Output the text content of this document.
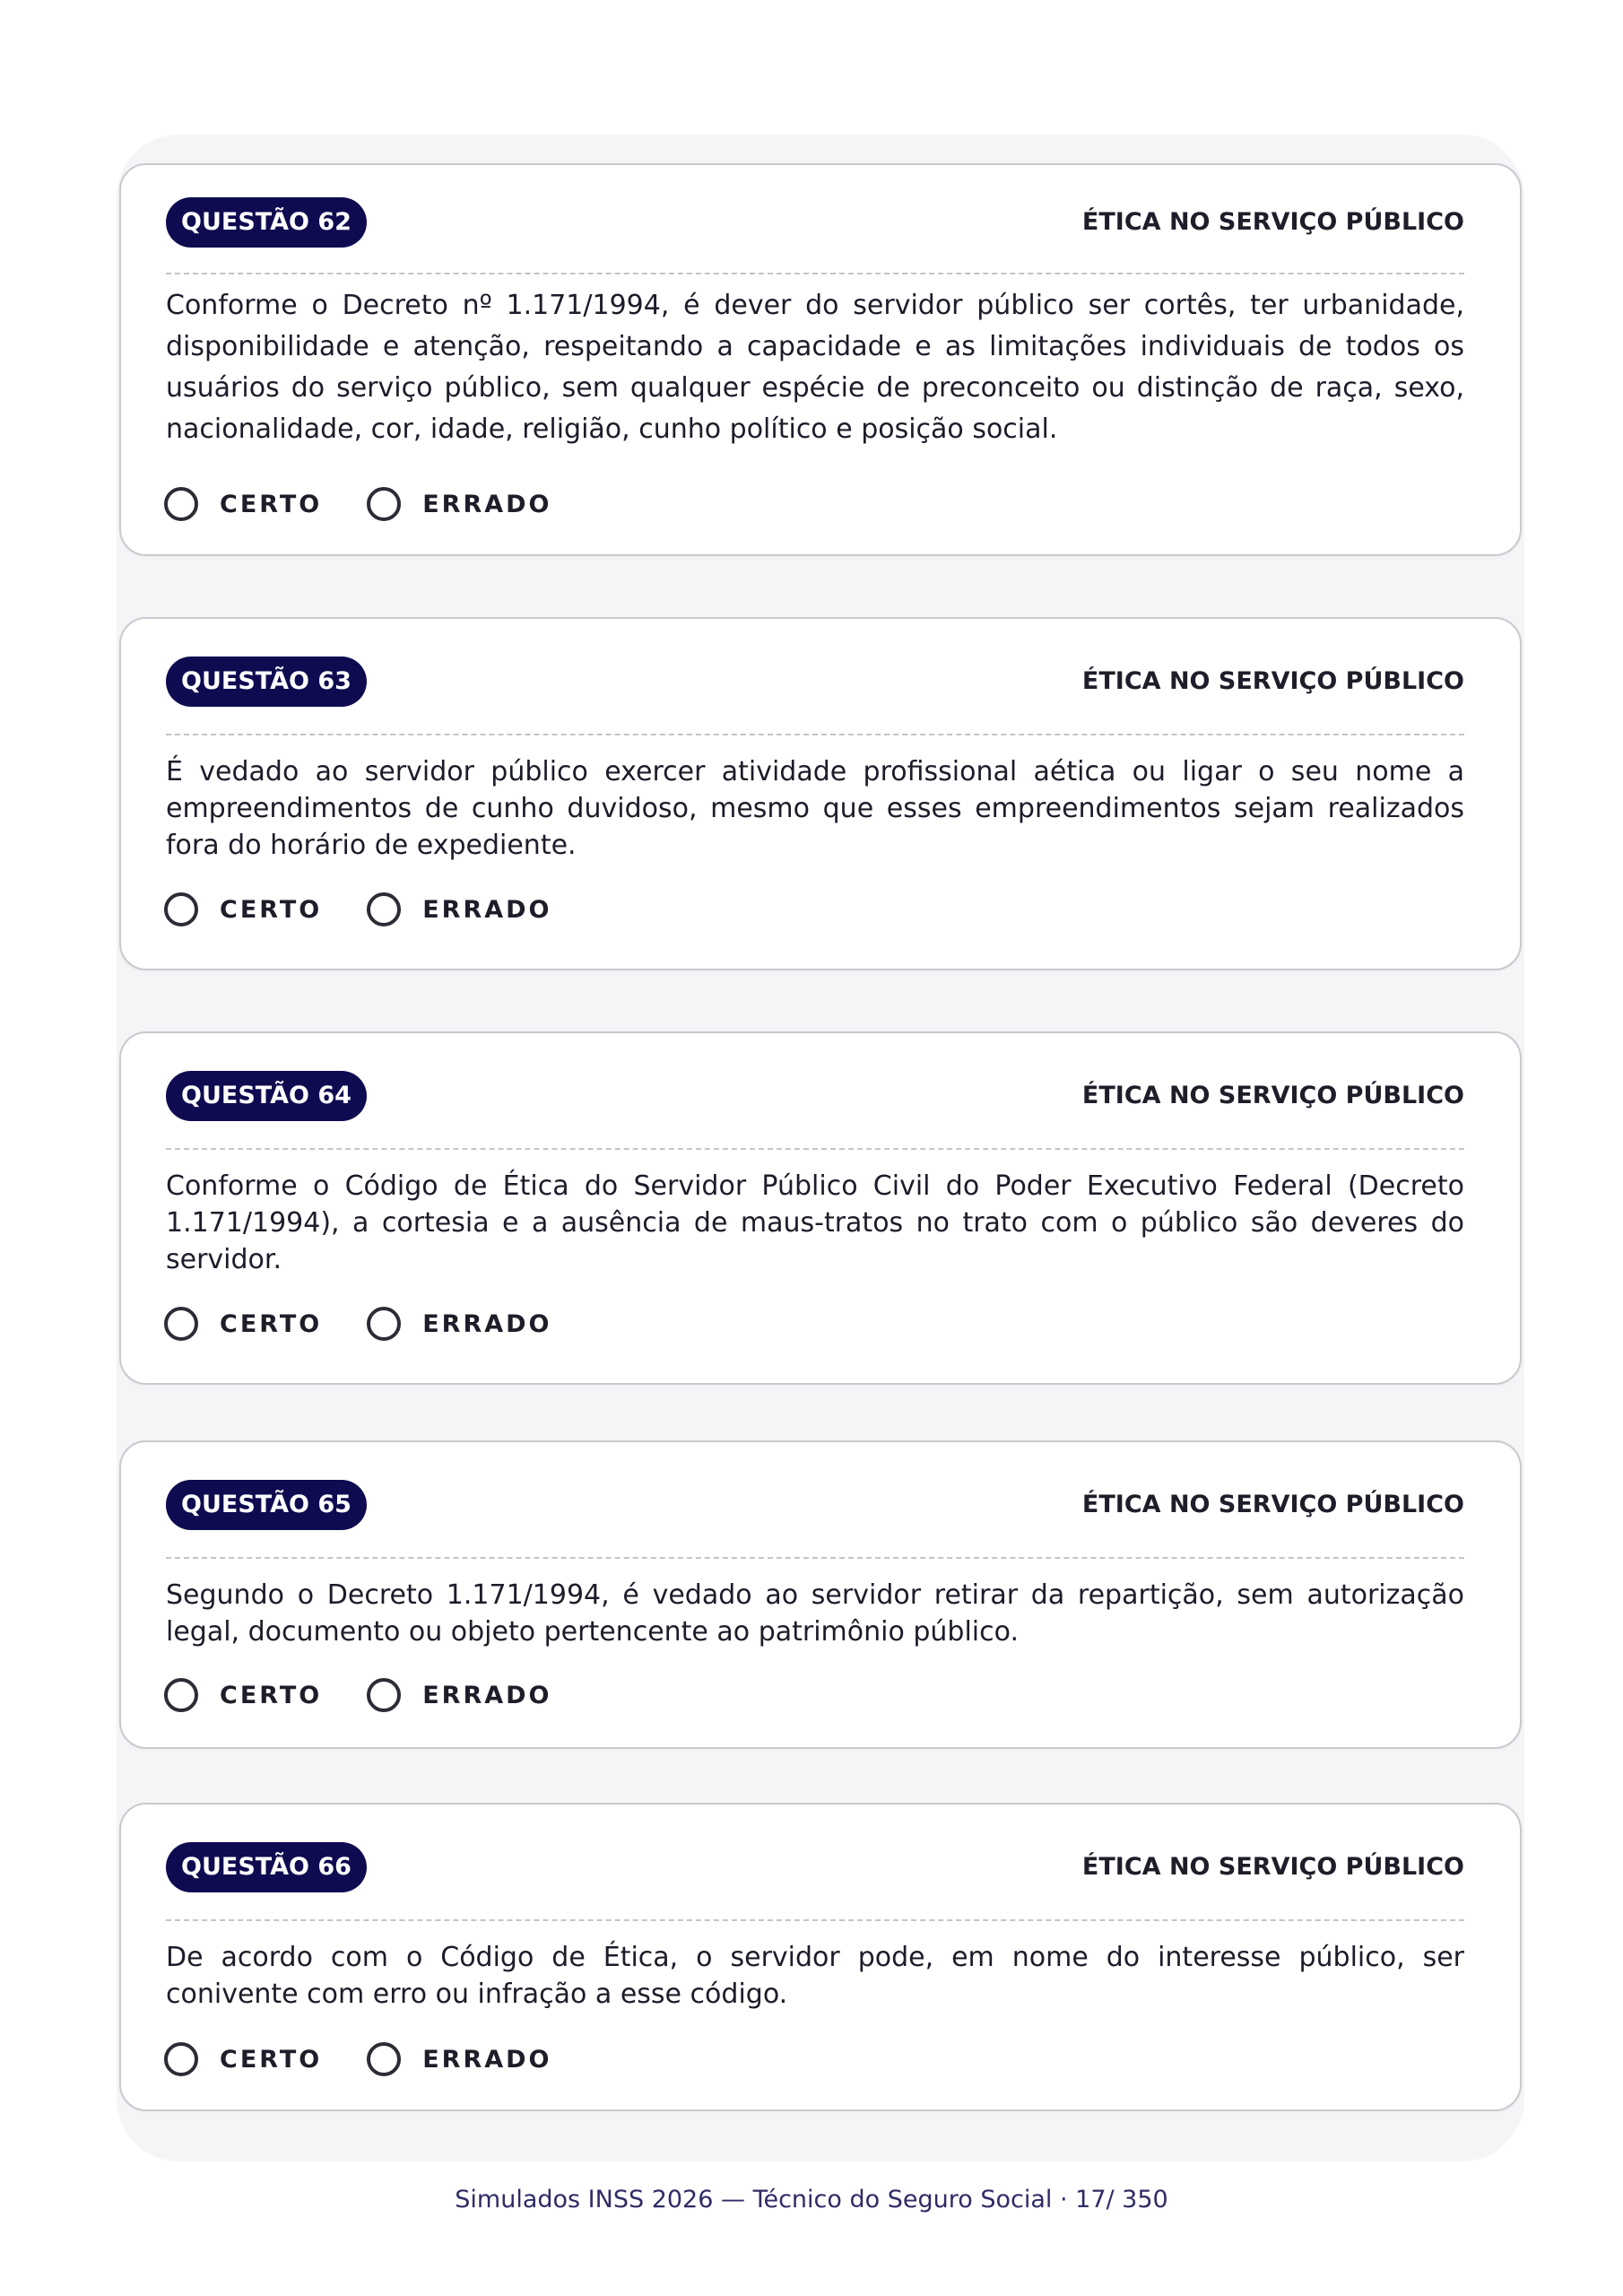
QUESTÃO 62	ÉTICA NO SERVIÇO PÚBLICO

Conforme o Decreto nº 1.171/1994, é dever do servidor público ser cortês, ter urbanidade, disponibilidade e atenção, respeitando a capacidade e as limitações individuais de todos os usuários do serviço público, sem qualquer espécie de preconceito ou distinção de raça, sexo, nacionalidade, cor, idade, religião, cunho político e posição social.

CERTO	ERRADO
QUESTÃO 63	ÉTICA NO SERVIÇO PÚBLICO

É vedado ao servidor público exercer atividade profissional aética ou ligar o seu nome a empreendimentos de cunho duvidoso, mesmo que esses empreendimentos sejam realizados fora do horário de expediente.

CERTO	ERRADO
QUESTÃO 64	ÉTICA NO SERVIÇO PÚBLICO

Conforme o Código de Ética do Servidor Público Civil do Poder Executivo Federal (Decreto 1.171/1994), a cortesia e a ausência de maus-tratos no trato com o público são deveres do servidor.

CERTO	ERRADO
QUESTÃO 65	ÉTICA NO SERVIÇO PÚBLICO

Segundo o Decreto 1.171/1994, é vedado ao servidor retirar da repartição, sem autorização legal, documento ou objeto pertencente ao patrimônio público.

CERTO	ERRADO
QUESTÃO 66	ÉTICA NO SERVIÇO PÚBLICO

De acordo com o Código de Ética, o servidor pode, em nome do interesse público, ser conivente com erro ou infração a esse código.

CERTO	ERRADO
Simulados INSS 2026 — Técnico do Seguro Social · 17/ 350
